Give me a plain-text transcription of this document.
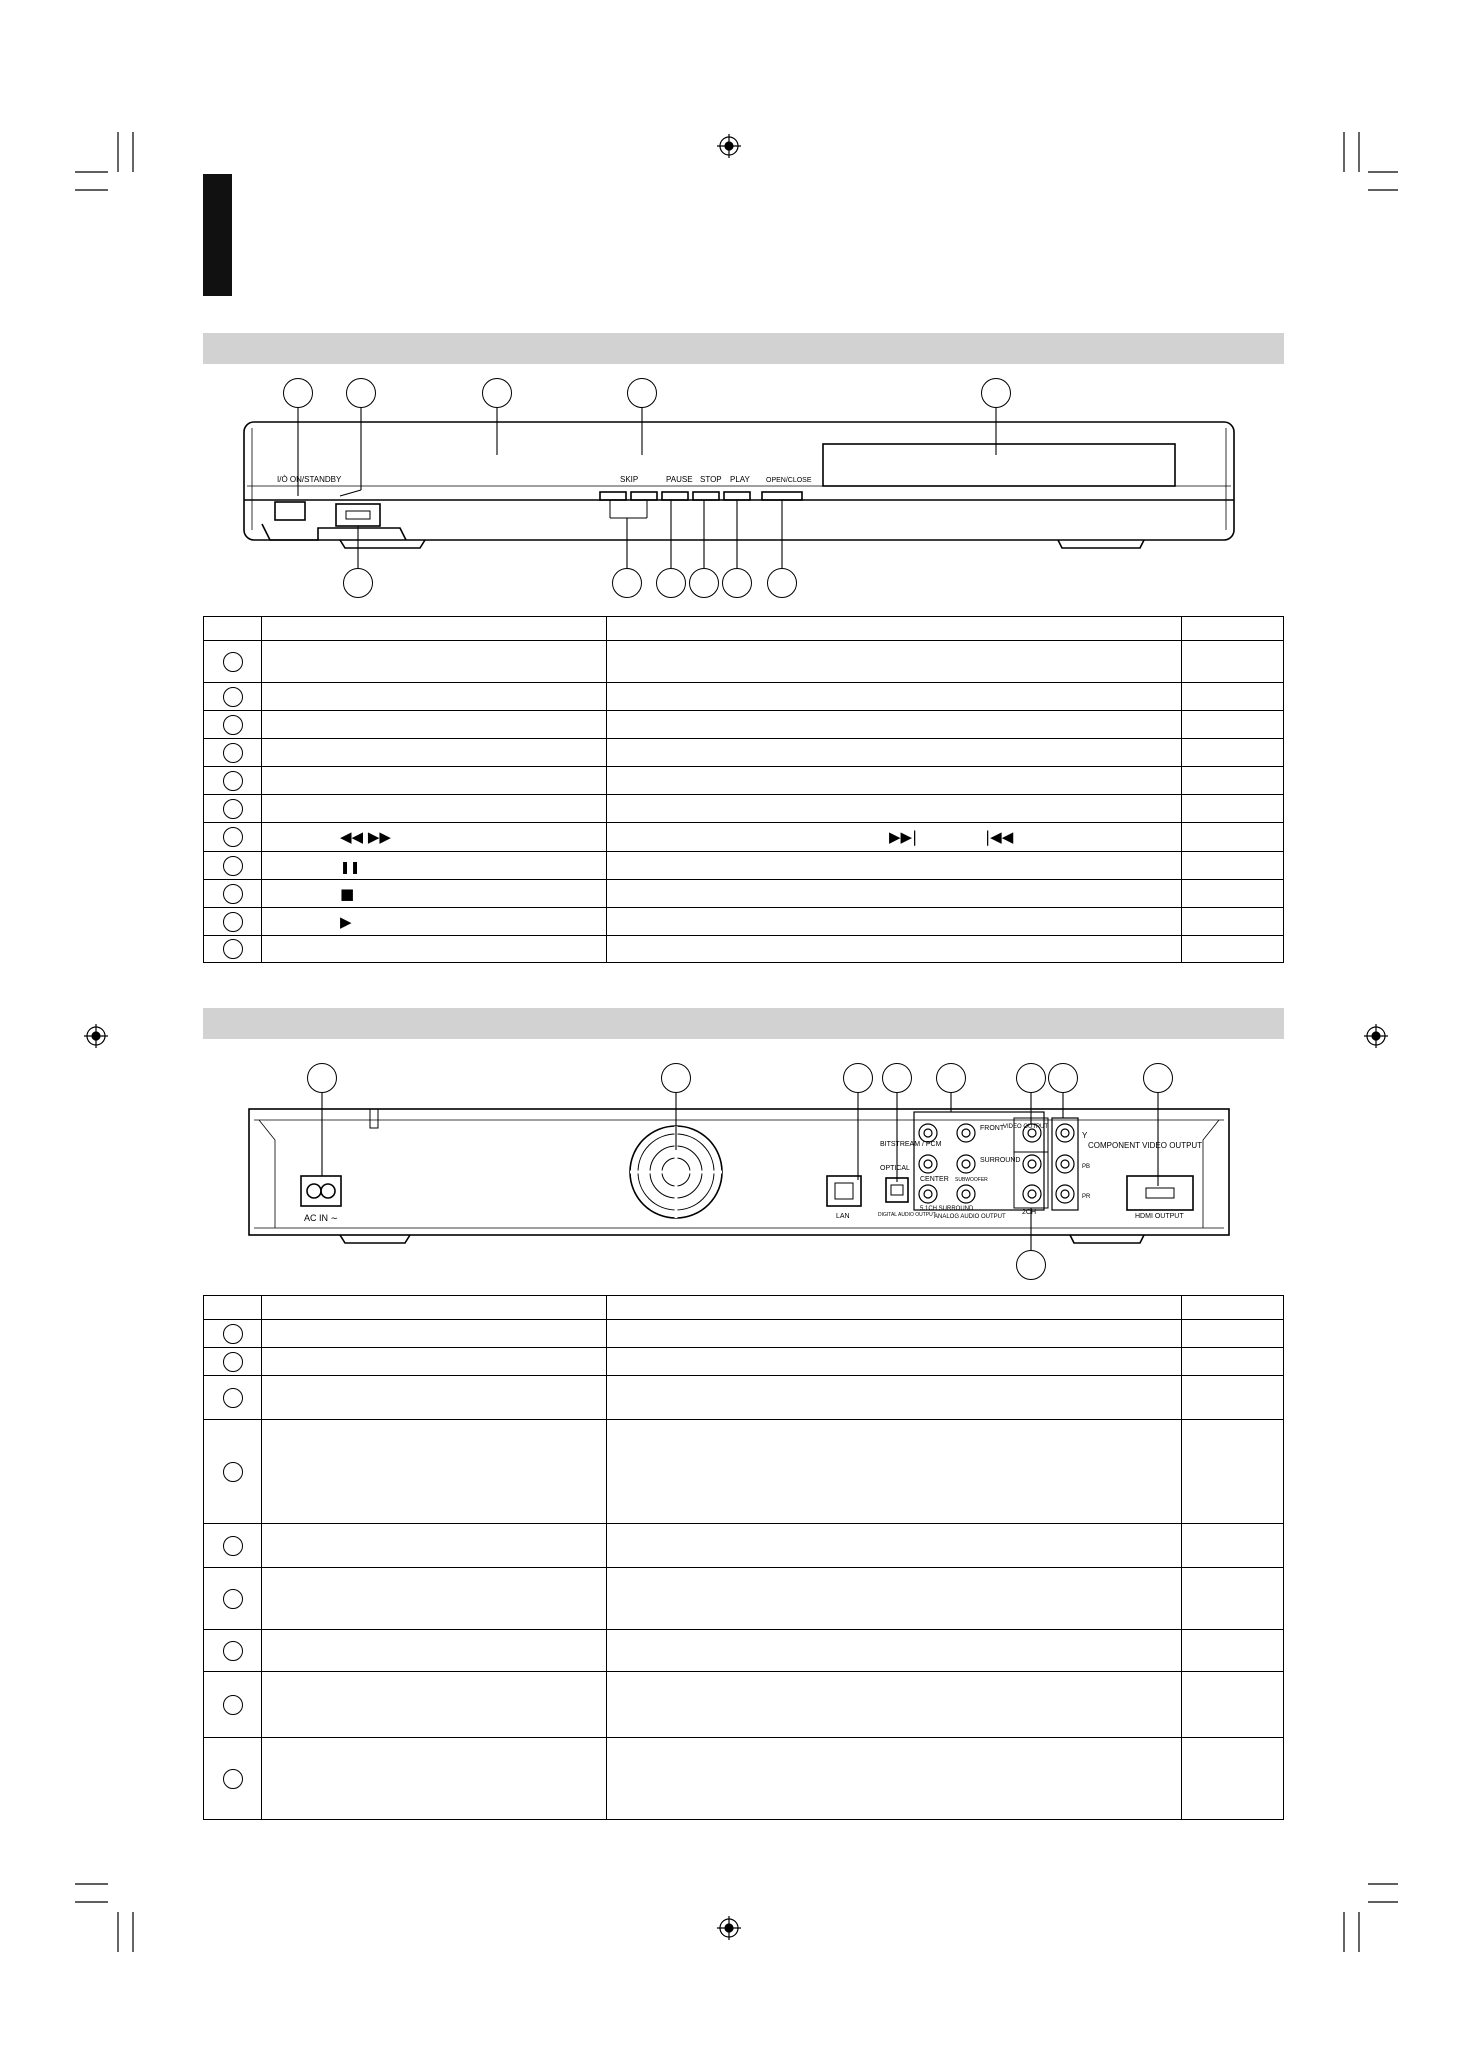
I/Ò ON/STANDBY	SKIP	PAUSE STOP PLAY OPEN/CLOSE

	◀◀ ▶▶	▶▶| |◀◀	
	❚❚		
	■		
	▶		

AC IN ∼	LAN
BITSTREAM / PCM
OPTICAL
DIGITAL AUDIO OUTPUT
FRONT
SURROUND
CENTER SUBWOOFER
5.1CH SURROUND
ANALOG AUDIO OUTPUT
VIDEO OUTPUT
2CH
Y
PB
PR
COMPONENT VIDEO OUTPUT
HDMI OUTPUT
